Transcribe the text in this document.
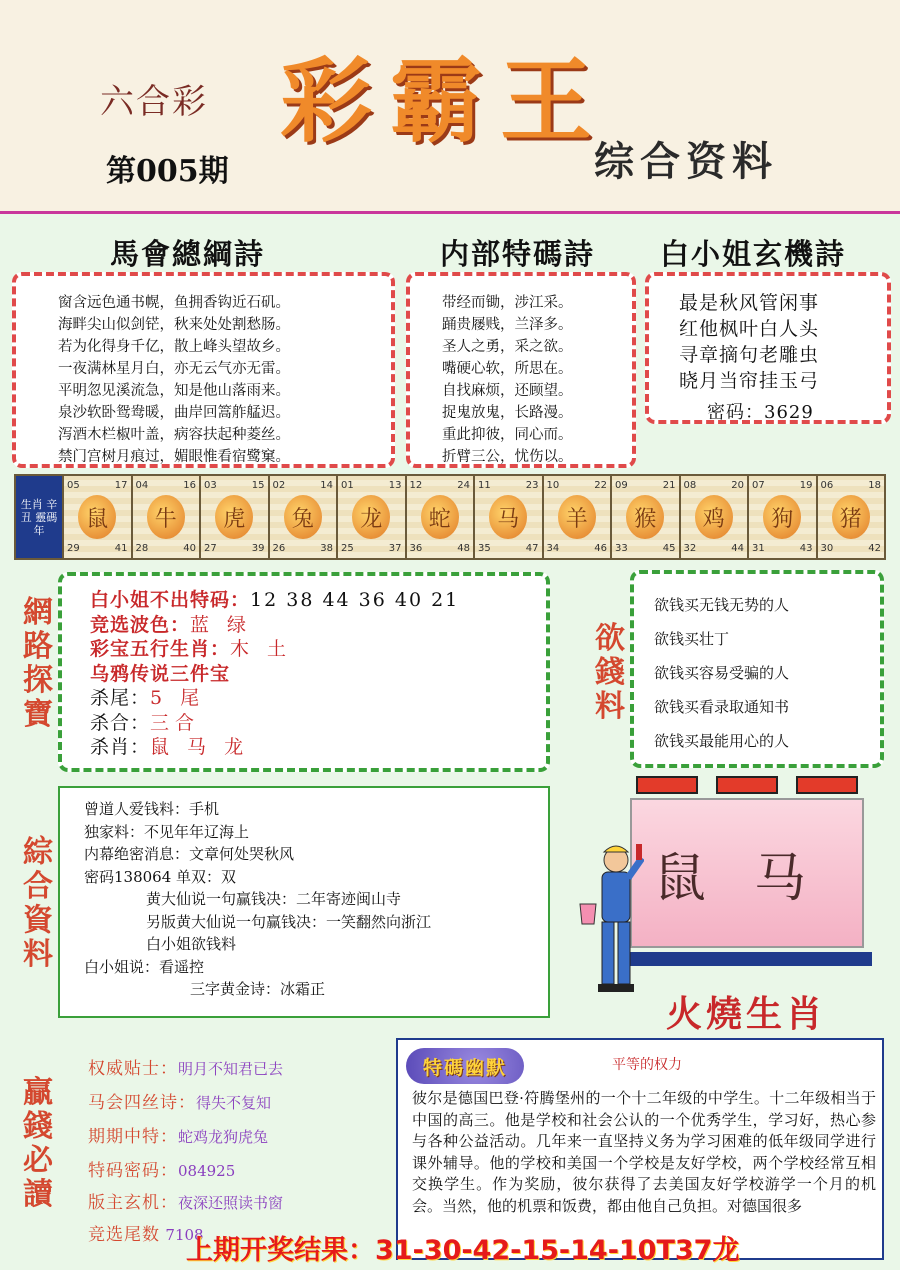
六合彩 彩霸王
第005期	综合资料
馬會總綱詩	内部特碼詩 白小姐玄機詩
窗含远色通书幌，鱼拥香钩近石矶。
海畔尖山似剑铓，秋来处处割愁肠。
若为化得身千亿，散上峰头望故乡。
一夜满林星月白，亦无云气亦无雷。
平明忽见溪流急，知是他山落雨来。
泉沙软卧鸳鸯暖，曲岸回篙舴艋迟。
泻酒木栏椒叶盖，病容扶起种菱丝。
禁门宫树月痕过，媚眼惟看宿鹭窠。
带经而锄，涉江采。
踊贵屦贱，兰泽多。
圣人之勇，采之欲。
嘴硬心软，所思在。
自找麻烦，还顾望。
捉鬼放鬼，长路漫。
重此抑彼，同心而。
折臂三公，忧伤以。
最是秋风管闲事
红他枫叶白人头
寻章摘句老雕虫
晓月当帘挂玉弓
密码：3629
生肖 辛丑 靈碼 年
05	17
鼠
29	41
04	16
牛
28	40
03	15
虎
27	39
02	14
兔
26	38
01	13
龙
25	37
12	24
蛇
36	48
11	23
马
35	47
10	22
羊
34	46
09	21
猴
33	45
08	20
鸡
32	44
07	19
狗
31	43
06	18
猪
30	42
網路探寶
欲錢料
綜合資料
贏錢必讀
白小姐不出特码：12 38 44 36 40 21
竞选波色：蓝 绿
彩宝五行生肖：木 土
乌鸦传说三件宝
杀尾：5 尾
杀合：三合
杀肖：鼠 马 龙
欲钱买无钱无势的人
欲钱买壮丁
欲钱买容易受骗的人
欲钱买看录取通知书
欲钱买最能用心的人
曾道人爱钱料：手机
独家料：不见年年辽海上
内幕绝密消息：文章何处哭秋风
密码138064 单双：双
黄大仙说一句赢钱决：二年寄迹闽山寺
另版黄大仙说一句赢钱决：一笑翻然向浙江
白小姐欲钱料
白小姐说：看遥控
三字黄金诗：冰霜正
鼠马
火燒生肖
权威贴士：明月不知君已去
马会四丝诗：得失不复知
期期中特：蛇鸡龙狗虎兔
特码密码：084925
版主玄机：夜深还照读书窗
竞选尾数 7108
特碼幽默	平等的权力
彼尔是德国巴登·符腾堡州的一个十二年级的中学生。十二年级相当于中国的高三。他是学校和社会公认的一个优秀学生，学习好，热心参与各种公益活动。几年来一直坚持义务为学习困难的低年级同学进行课外辅导。他的学校和美国一个学校是友好学校，两个学校经常互相交换学生。作为奖励，彼尔获得了去美国友好学校游学一个月的机会。当然，他的机票和饭费，都由他自己负担。对德国很多
上期开奖结果：31-30-42-15-14-10T37龙
